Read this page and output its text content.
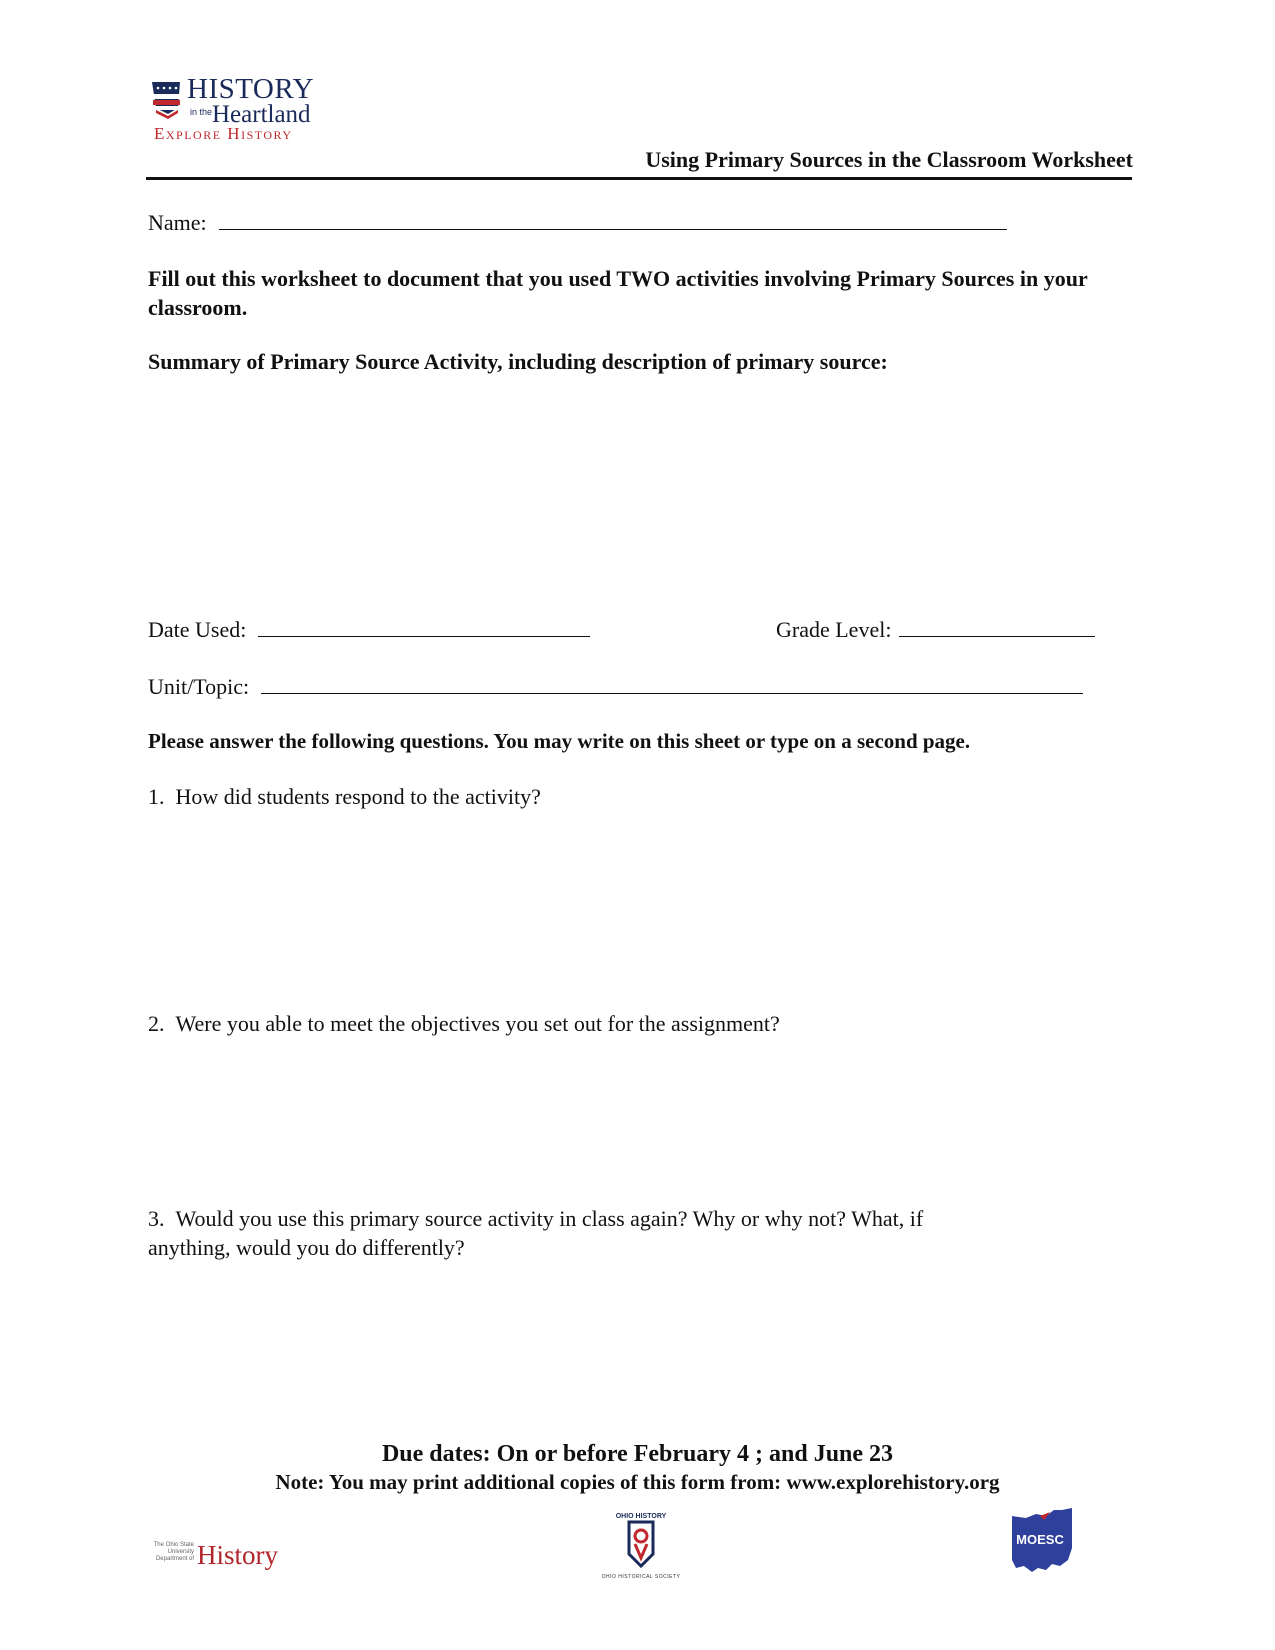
HISTORY
in the Heartland
Explore History
Using Primary Sources in the Classroom Worksheet
Name:
Fill out this worksheet to document that you used TWO activities involving Primary Sources in your classroom.
Summary of Primary Source Activity, including description of primary source:
Date Used:	Grade Level:
Unit/Topic:
Please answer the following questions. You may write on this sheet or type on a second page.
1. How did students respond to the activity?
2. Were you able to meet the objectives you set out for the assignment?
3. Would you use this primary source activity in class again? Why or why not? What, if
anything, would you do differently?
Due dates: On or before February 4 ; and June 23
Note: You may print additional copies of this form from: www.explorehistory.org
The Ohio State University Department of History
OHIO HISTORY
OHIO HISTORICAL SOCIETY
MOESC
